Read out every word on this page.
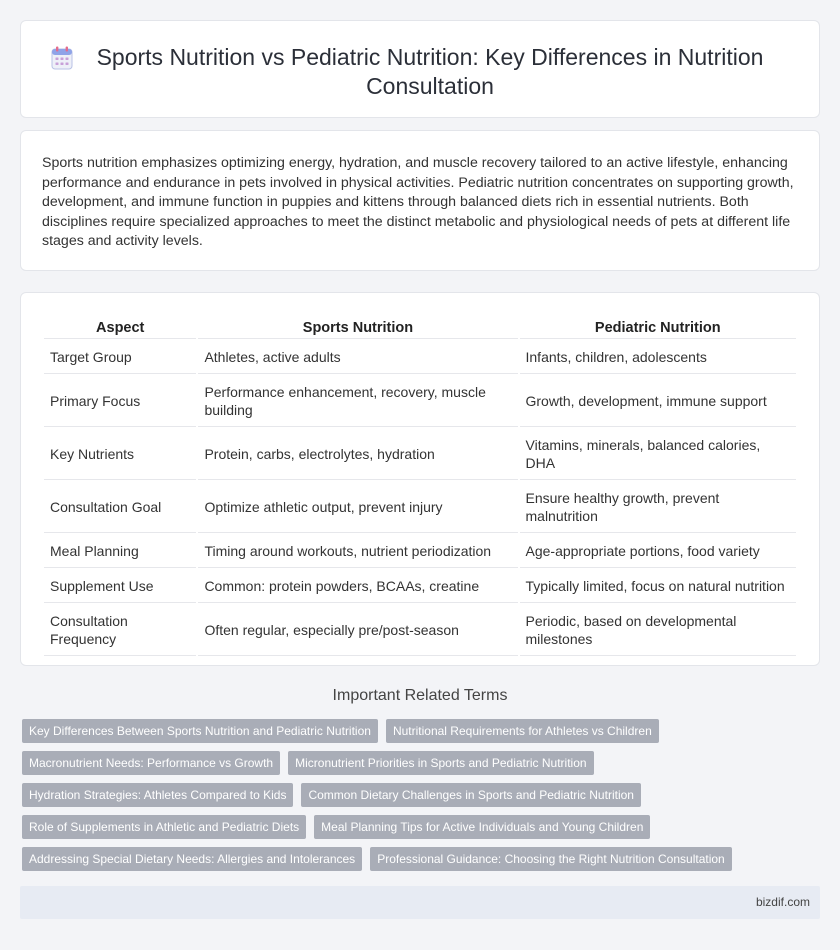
Sports Nutrition vs Pediatric Nutrition: Key Differences in Nutrition Consultation

Sports nutrition emphasizes optimizing energy, hydration, and muscle recovery tailored to an active lifestyle, enhancing performance and endurance in pets involved in physical activities. Pediatric nutrition concentrates on supporting growth, development, and immune function in puppies and kittens through balanced diets rich in essential nutrients. Both disciplines require specialized approaches to meet the distinct metabolic and physiological needs of pets at different life stages and activity levels.

Aspect	Sports Nutrition	Pediatric Nutrition
Target Group	Athletes, active adults	Infants, children, adolescents
Primary Focus	Performance enhancement, recovery, muscle building	Growth, development, immune support
Key Nutrients	Protein, carbs, electrolytes, hydration	Vitamins, minerals, balanced calories, DHA
Consultation Goal	Optimize athletic output, prevent injury	Ensure healthy growth, prevent malnutrition
Meal Planning	Timing around workouts, nutrient periodization	Age-appropriate portions, food variety
Supplement Use	Common: protein powders, BCAAs, creatine	Typically limited, focus on natural nutrition
Consultation Frequency	Often regular, especially pre/post-season	Periodic, based on developmental milestones
Important Related Terms
Key Differences Between Sports Nutrition and Pediatric Nutrition	Nutritional Requirements for Athletes vs Children
Macronutrient Needs: Performance vs Growth	Micronutrient Priorities in Sports and Pediatric Nutrition
Hydration Strategies: Athletes Compared to Kids	Common Dietary Challenges in Sports and Pediatric Nutrition
Role of Supplements in Athletic and Pediatric Diets	Meal Planning Tips for Active Individuals and Young Children
Addressing Special Dietary Needs: Allergies and Intolerances	Professional Guidance: Choosing the Right Nutrition Consultation
bizdif.com
